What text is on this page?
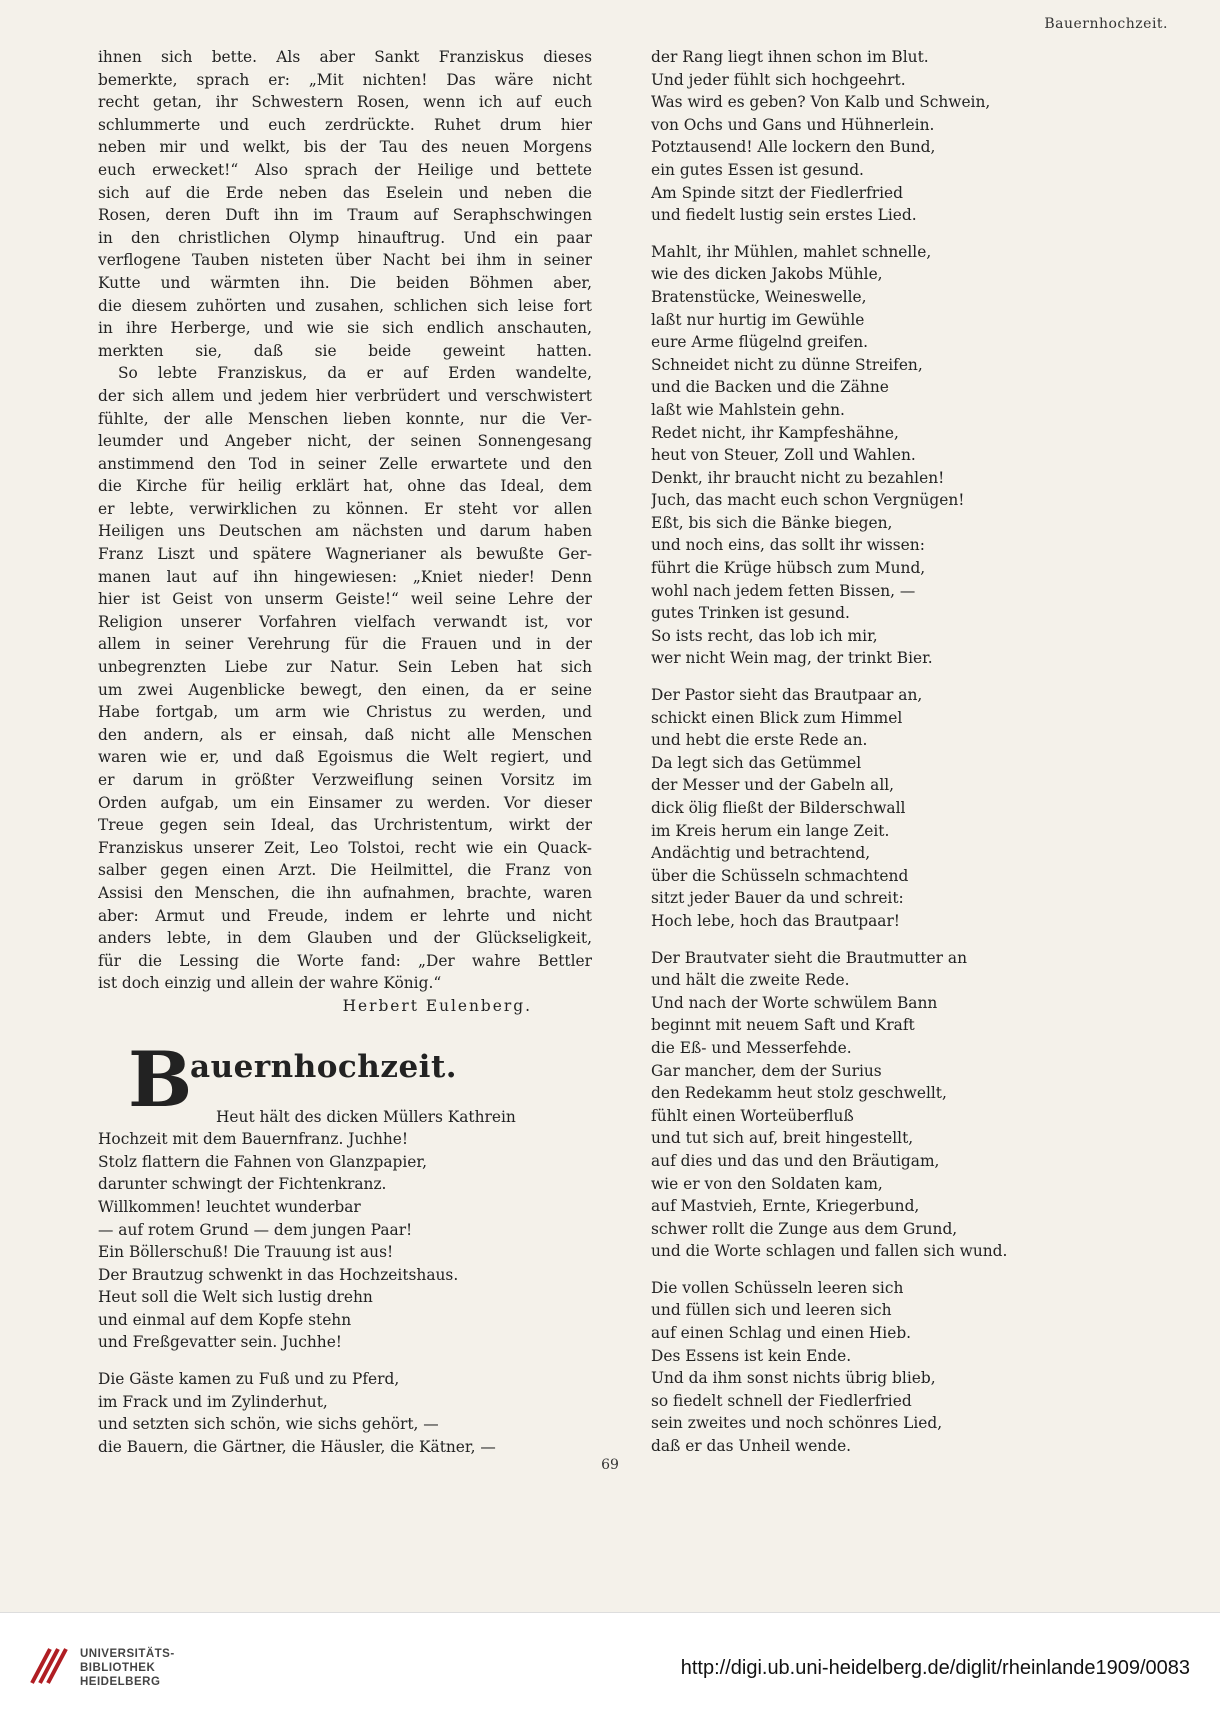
Bauernhochzeit.
ihnen sich bette. Als aber Sankt Franziskus dieses
bemerkte, sprach er: „Mit nichten! Das wäre nicht
recht getan, ihr Schwestern Rosen, wenn ich auf euch
schlummerte und euch zerdrückte. Ruhet drum hier
neben mir und welkt, bis der Tau des neuen Morgens
euch erwecket!“ Also sprach der Heilige und bettete
sich auf die Erde neben das Eselein und neben die
Rosen, deren Duft ihn im Traum auf Seraphschwingen
in den christlichen Olymp hinauftrug. Und ein paar
verflogene Tauben nisteten über Nacht bei ihm in seiner
Kutte und wärmten ihn. Die beiden Böhmen aber,
die diesem zuhörten und zusahen, schlichen sich leise fort
in ihre Herberge, und wie sie sich endlich anschauten,
merkten sie, daß sie beide geweint hatten.
So lebte Franziskus, da er auf Erden wandelte,
der sich allem und jedem hier verbrüdert und verschwistert
fühlte, der alle Menschen lieben konnte, nur die Ver-
leumder und Angeber nicht, der seinen Sonnengesang
anstimmend den Tod in seiner Zelle erwartete und den
die Kirche für heilig erklärt hat, ohne das Ideal, dem
er lebte, verwirklichen zu können. Er steht vor allen
Heiligen uns Deutschen am nächsten und darum haben
Franz Liszt und spätere Wagnerianer als bewußte Ger-
manen laut auf ihn hingewiesen: „Kniet nieder! Denn
hier ist Geist von unserm Geiste!“ weil seine Lehre der
Religion unserer Vorfahren vielfach verwandt ist, vor
allem in seiner Verehrung für die Frauen und in der
unbegrenzten Liebe zur Natur. Sein Leben hat sich
um zwei Augenblicke bewegt, den einen, da er seine
Habe fortgab, um arm wie Christus zu werden, und
den andern, als er einsah, daß nicht alle Menschen
waren wie er, und daß Egoismus die Welt regiert, und
er darum in größter Verzweiflung seinen Vorsitz im
Orden aufgab, um ein Einsamer zu werden. Vor dieser
Treue gegen sein Ideal, das Urchristentum, wirkt der
Franziskus unserer Zeit, Leo Tolstoi, recht wie ein Quack-
salber gegen einen Arzt. Die Heilmittel, die Franz von
Assisi den Menschen, die ihn aufnahmen, brachte, waren
aber: Armut und Freude, indem er lehrte und nicht
anders lebte, in dem Glauben und der Glückseligkeit,
für die Lessing die Worte fand: „Der wahre Bettler
ist doch einzig und allein der wahre König.“
Herbert Eulenberg.
B
auernhochzeit.
Heut hält des dicken Müllers Kathrein
Hochzeit mit dem Bauernfranz. Juchhe!
Stolz flattern die Fahnen von Glanzpapier,
darunter schwingt der Fichtenkranz.
Willkommen! leuchtet wunderbar
— auf rotem Grund — dem jungen Paar!
Ein Böllerschuß! Die Trauung ist aus!
Der Brautzug schwenkt in das Hochzeitshaus.
Heut soll die Welt sich lustig drehn
und einmal auf dem Kopfe stehn
und Freßgevatter sein. Juchhe!
Die Gäste kamen zu Fuß und zu Pferd,
im Frack und im Zylinderhut,
und setzten sich schön, wie sichs gehört, —
die Bauern, die Gärtner, die Häusler, die Kätner, —
der Rang liegt ihnen schon im Blut.
Und jeder fühlt sich hochgeehrt.
Was wird es geben? Von Kalb und Schwein,
von Ochs und Gans und Hühnerlein.
Potztausend! Alle lockern den Bund,
ein gutes Essen ist gesund.
Am Spinde sitzt der Fiedlerfried
und fiedelt lustig sein erstes Lied.
Mahlt, ihr Mühlen, mahlet schnelle,
wie des dicken Jakobs Mühle,
Bratenstücke, Weineswelle,
laßt nur hurtig im Gewühle
eure Arme flügelnd greifen.
Schneidet nicht zu dünne Streifen,
und die Backen und die Zähne
laßt wie Mahlstein gehn.
Redet nicht, ihr Kampfeshähne,
heut von Steuer, Zoll und Wahlen.
Denkt, ihr braucht nicht zu bezahlen!
Juch, das macht euch schon Vergnügen!
Eßt, bis sich die Bänke biegen,
und noch eins, das sollt ihr wissen:
führt die Krüge hübsch zum Mund,
wohl nach jedem fetten Bissen, —
gutes Trinken ist gesund.
So ists recht, das lob ich mir,
wer nicht Wein mag, der trinkt Bier.
Der Pastor sieht das Brautpaar an,
schickt einen Blick zum Himmel
und hebt die erste Rede an.
Da legt sich das Getümmel
der Messer und der Gabeln all,
dick ölig fließt der Bilderschwall
im Kreis herum ein lange Zeit.
Andächtig und betrachtend,
über die Schüsseln schmachtend
sitzt jeder Bauer da und schreit:
Hoch lebe, hoch das Brautpaar!
Der Brautvater sieht die Brautmutter an
und hält die zweite Rede.
Und nach der Worte schwülem Bann
beginnt mit neuem Saft und Kraft
die Eß- und Messerfehde.
Gar mancher, dem der Surius
den Redekamm heut stolz geschwellt,
fühlt einen Worteüberfluß
und tut sich auf, breit hingestellt,
auf dies und das und den Bräutigam,
wie er von den Soldaten kam,
auf Mastvieh, Ernte, Kriegerbund,
schwer rollt die Zunge aus dem Grund,
und die Worte schlagen und fallen sich wund.
Die vollen Schüsseln leeren sich
und füllen sich und leeren sich
auf einen Schlag und einen Hieb.
Des Essens ist kein Ende.
Und da ihm sonst nichts übrig blieb,
so fiedelt schnell der Fiedlerfried
sein zweites und noch schönres Lied,
daß er das Unheil wende.
69
UNIVERSITÄTS-
BIBLIOTHEK
HEIDELBERG
http://digi.ub.uni-heidelberg.de/diglit/rheinlande1909/0083
